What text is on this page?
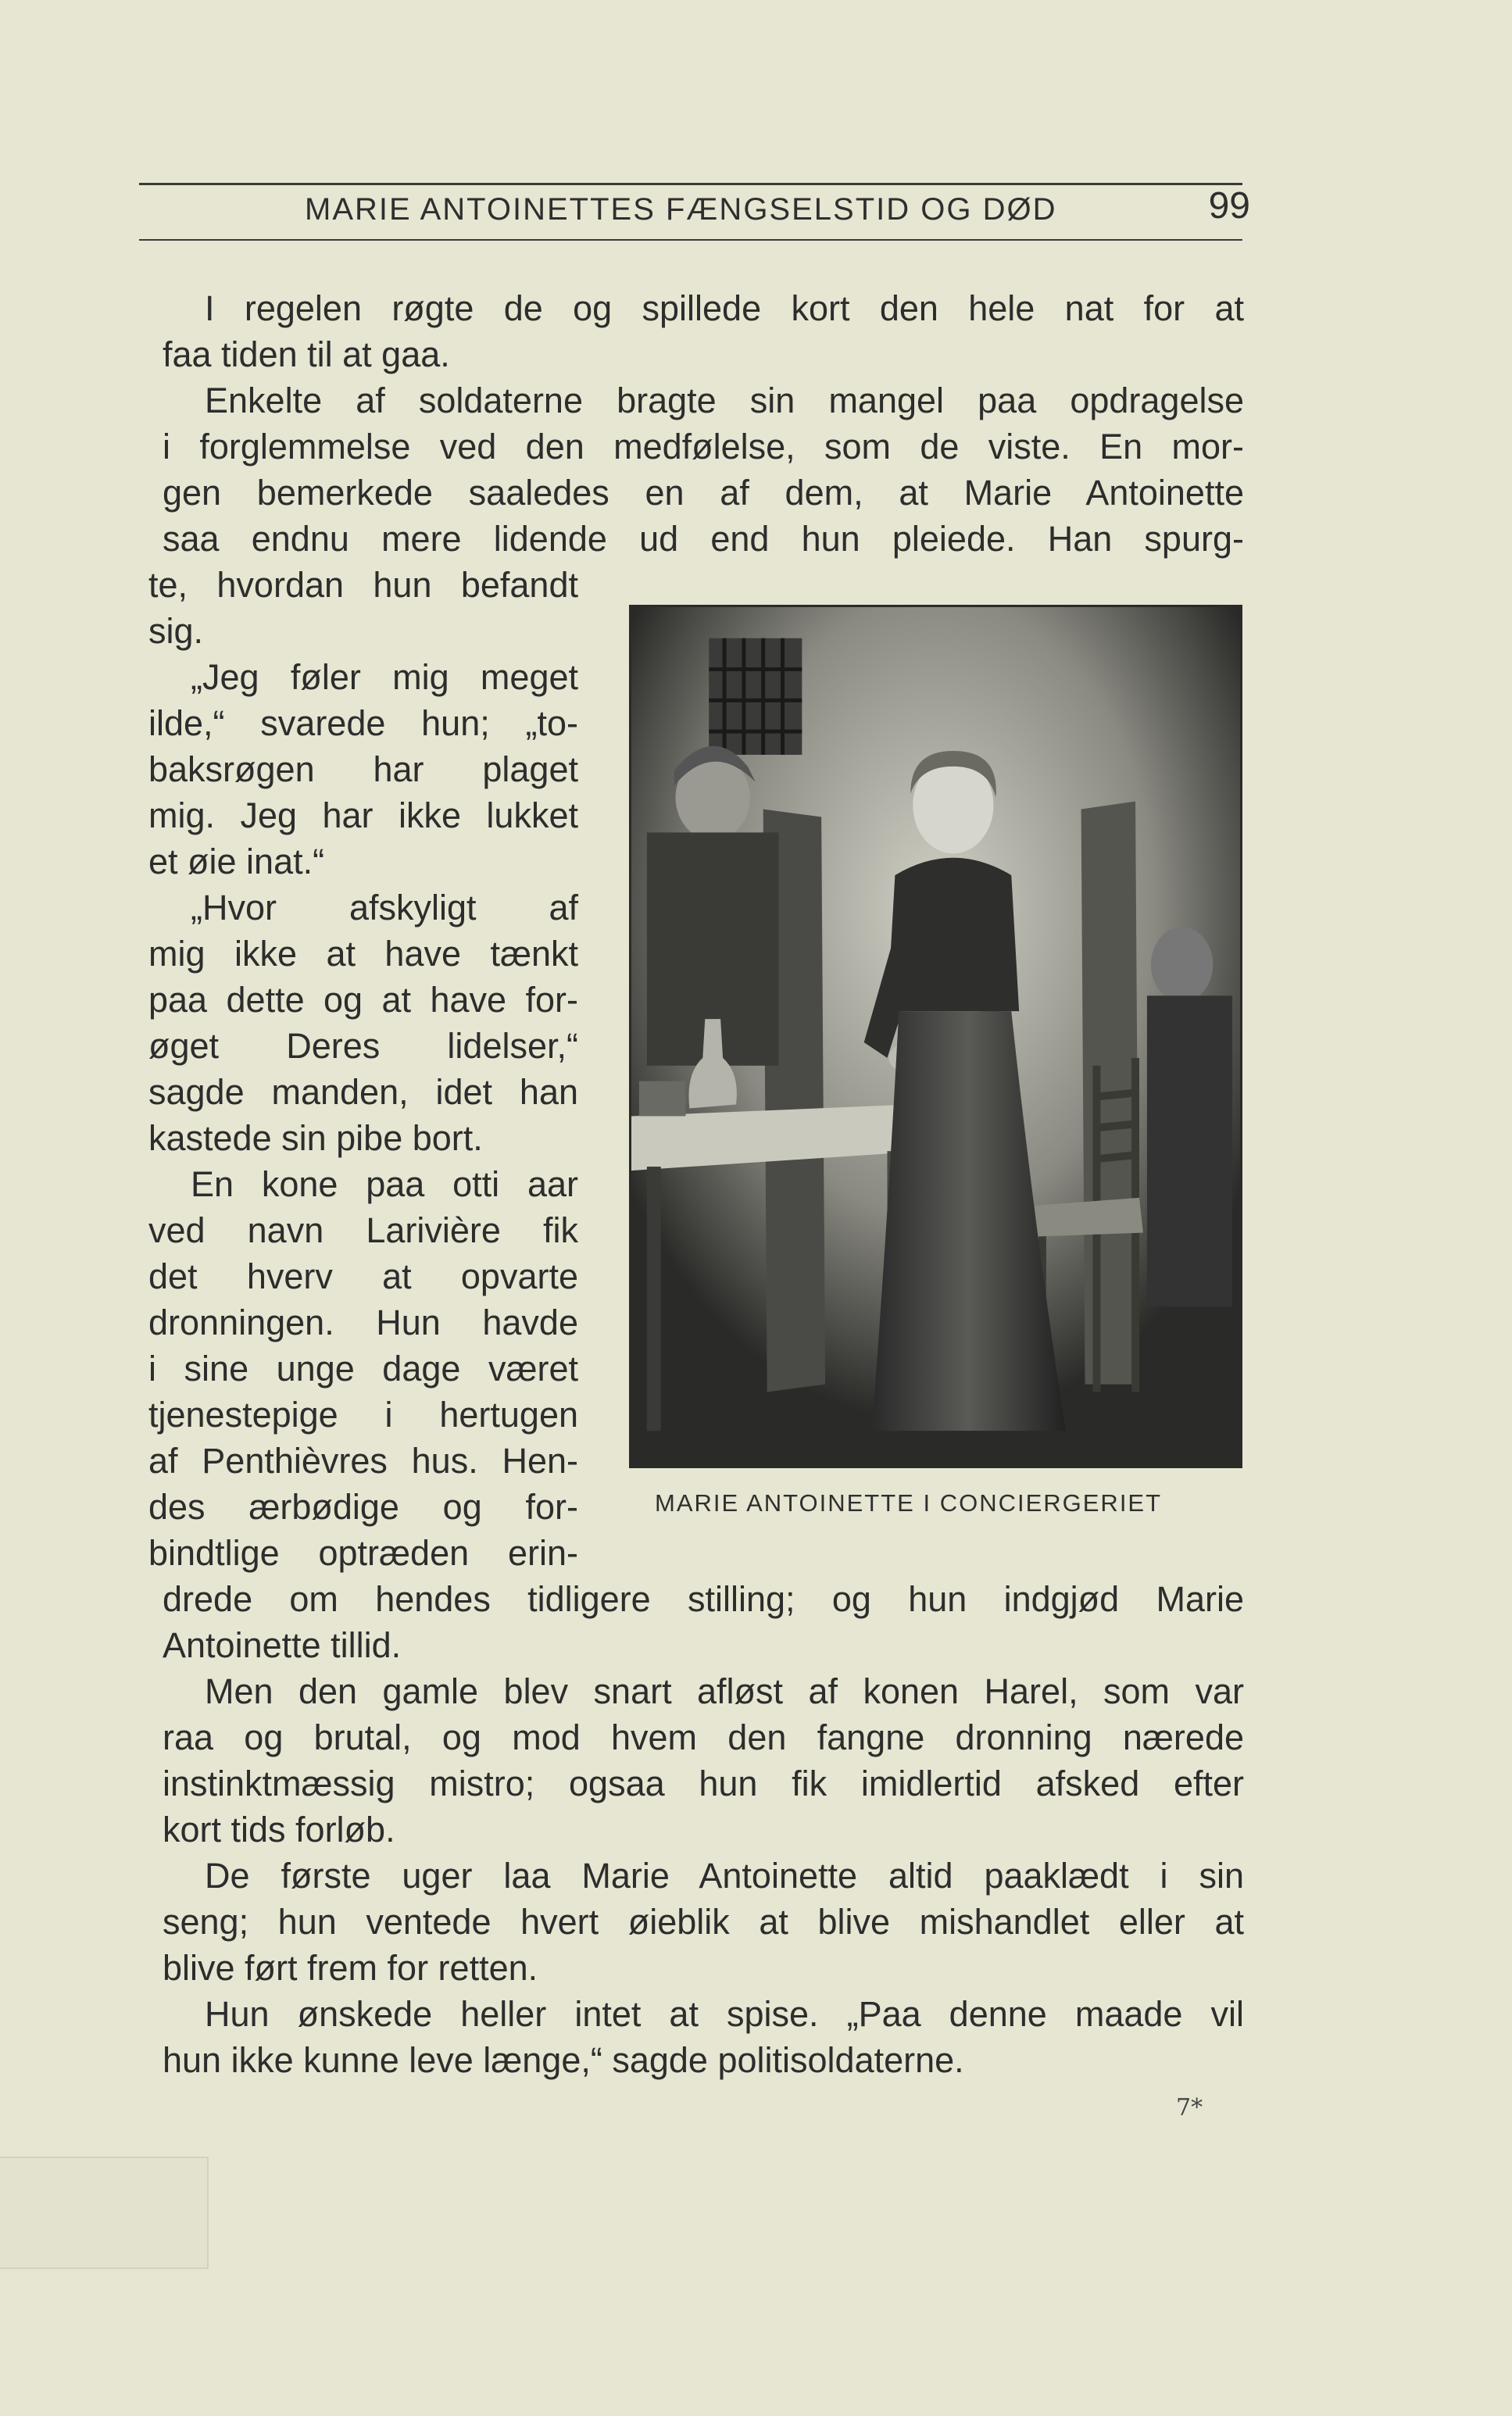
MARIE ANTOINETTES FÆNGSELSTID OG DØD	99
I regelen røgte de og spillede kort den hele nat for at
faa tiden til at gaa.
Enkelte af soldaterne bragte sin mangel paa opdragelse
i forglemmelse ved den medfølelse, som de viste. En mor-
gen bemerkede saaledes en af dem, at Marie Antoinette
saa endnu mere lidende ud end hun pleiede. Han spurg-
te, hvordan hun befandt
sig.
„Jeg føler mig meget
ilde,“ svarede hun; „to-
baksrøgen har plaget
mig. Jeg har ikke lukket
et øie inat.“
„Hvor afskyligt af
mig ikke at have tænkt
paa dette og at have for-
øget Deres lidelser,“
sagde manden, idet han
kastede sin pibe bort.
En kone paa otti aar
ved navn Larivière fik
det hverv at opvarte
dronningen. Hun havde
i sine unge dage været
tjenestepige i hertugen
af Penthièvres hus. Hen-
des ærbødige og for-
bindtlige optræden erin-
drede om hendes tidligere stilling; og hun indgjød Marie
Antoinette tillid.
Men den gamle blev snart afløst af konen Harel, som var
raa og brutal, og mod hvem den fangne dronning nærede
instinktmæssig mistro; ogsaa hun fik imidlertid afsked efter
kort tids forløb.
De første uger laa Marie Antoinette altid paaklædt i sin
seng; hun ventede hvert øieblik at blive mishandlet eller at
blive ført frem for retten.
Hun ønskede heller intet at spise. „Paa denne maade vil
hun ikke kunne leve længe,“ sagde politisoldaterne.
MARIE ANTOINETTE I CONCIERGERIET
7*
